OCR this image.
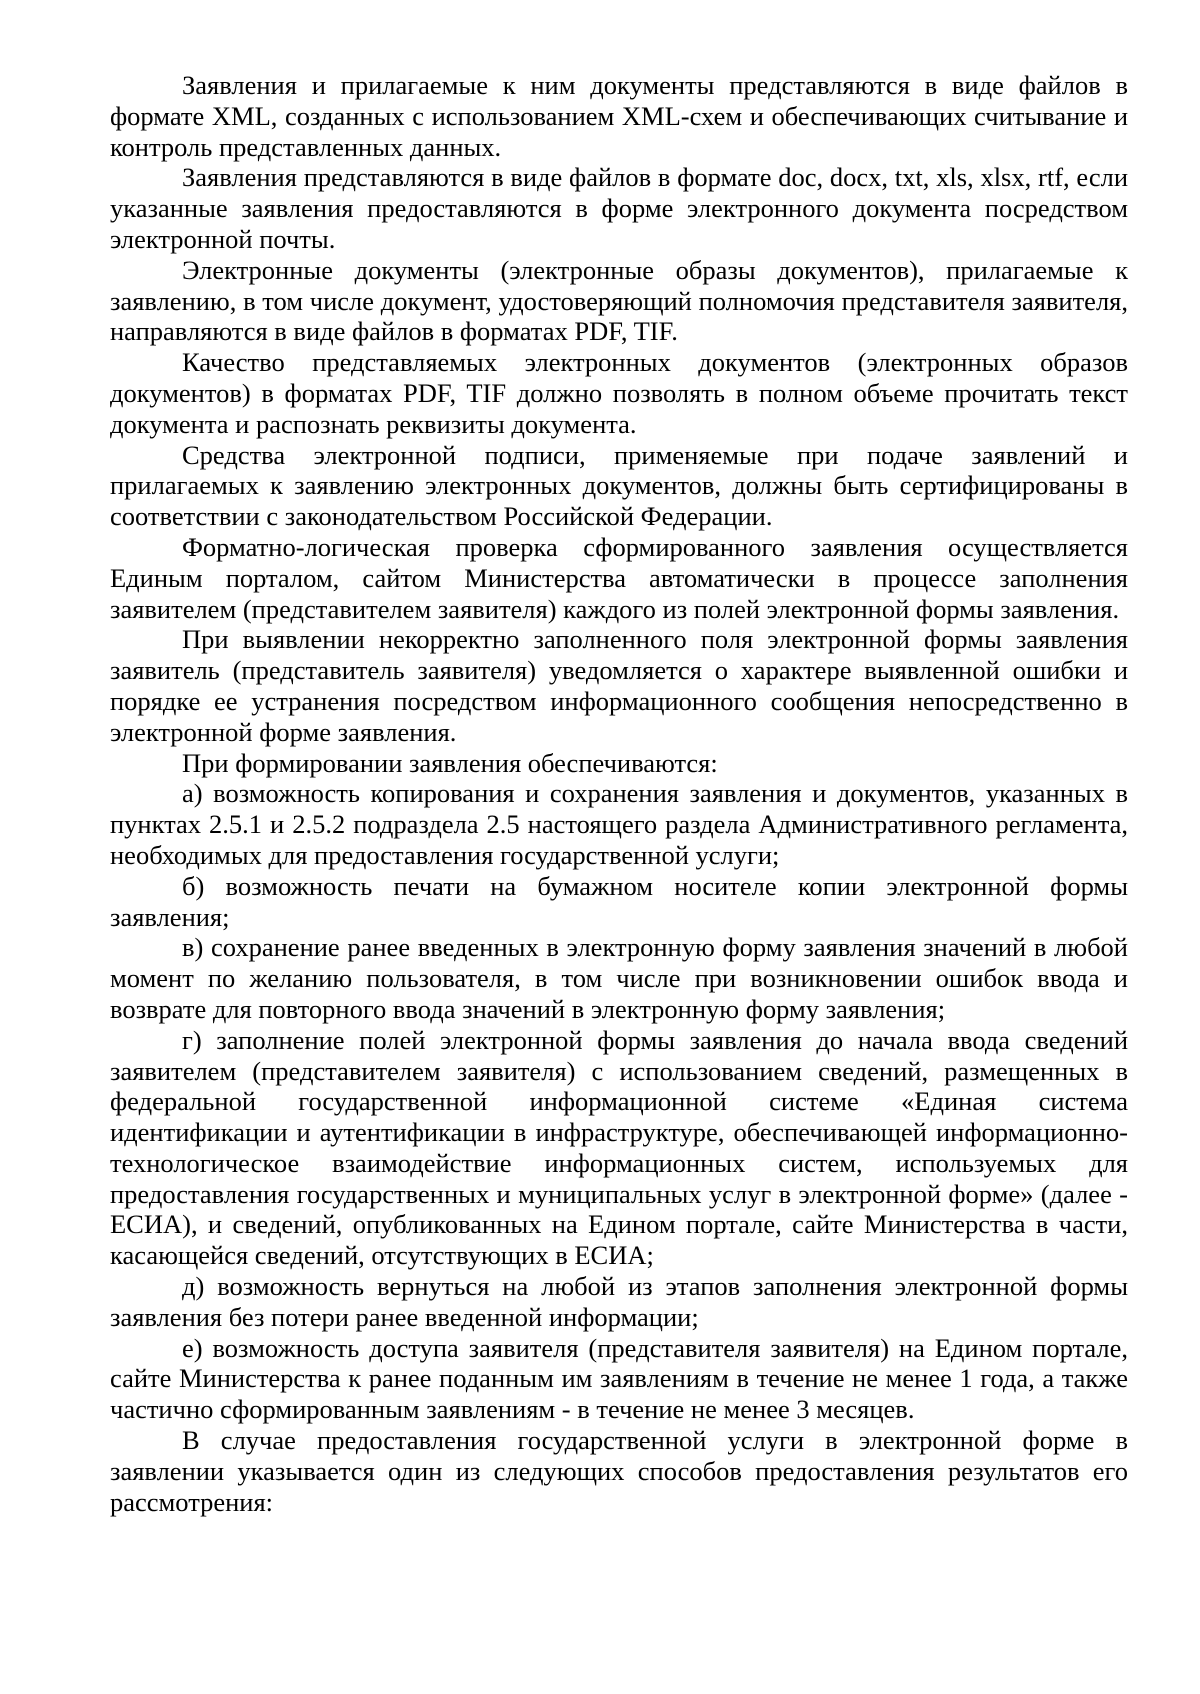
Заявления и прилагаемые к ним документы представляются в виде файлов в формате XML, созданных с использованием XML-схем и обеспечивающих считывание и контроль представленных данных.

Заявления представляются в виде файлов в формате doc, docx, txt, xls, xlsx, rtf, если указанные заявления предоставляются в форме электронного документа посредством электронной почты.

Электронные документы (электронные образы документов), прилагаемые к заявлению, в том числе документ, удостоверяющий полномочия представителя заявителя, направляются в виде файлов в форматах PDF, TIF.

Качество представляемых электронных документов (электронных образов документов) в форматах PDF, TIF должно позволять в полном объеме прочитать текст документа и распознать реквизиты документа.

Средства электронной подписи, применяемые при подаче заявлений и прилагаемых к заявлению электронных документов, должны быть сертифицированы в соответствии с законодательством Российской Федерации.

Форматно-логическая проверка сформированного заявления осуществляется Единым порталом, сайтом Министерства автоматически в процессе заполнения заявителем (представителем заявителя) каждого из полей электронной формы заявления.

При выявлении некорректно заполненного поля электронной формы заявления заявитель (представитель заявителя) уведомляется о характере выявленной ошибки и порядке ее устранения посредством информационного сообщения непосредственно в электронной форме заявления.

При формировании заявления обеспечиваются:

а) возможность копирования и сохранения заявления и документов, указанных в пунктах 2.5.1 и 2.5.2 подраздела 2.5 настоящего раздела Административного регламента, необходимых для предоставления государственной услуги;

б) возможность печати на бумажном носителе копии электронной формы заявления;

в) сохранение ранее введенных в электронную форму заявления значений в любой момент по желанию пользователя, в том числе при возникновении ошибок ввода и возврате для повторного ввода значений в электронную форму заявления;

г) заполнение полей электронной формы заявления до начала ввода сведений заявителем (представителем заявителя) с использованием сведений, размещенных в федеральной государственной информационной системе «Единая система идентификации и аутентификации в инфраструктуре, обеспечивающей информационно-технологическое взаимодействие информационных систем, используемых для предоставления государственных и муниципальных услуг в электронной форме» (далее - ЕСИА), и сведений, опубликованных на Едином портале, сайте Министерства в части, касающейся сведений, отсутствующих в ЕСИА;

д) возможность вернуться на любой из этапов заполнения электронной формы заявления без потери ранее введенной информации;

е) возможность доступа заявителя (представителя заявителя) на Едином портале, сайте Министерства к ранее поданным им заявлениям в течение не менее 1 года, а также частично сформированным заявлениям - в течение не менее 3 месяцев.

В случае предоставления государственной услуги в электронной форме в заявлении указывается один из следующих способов предоставления результатов его рассмотрения:
